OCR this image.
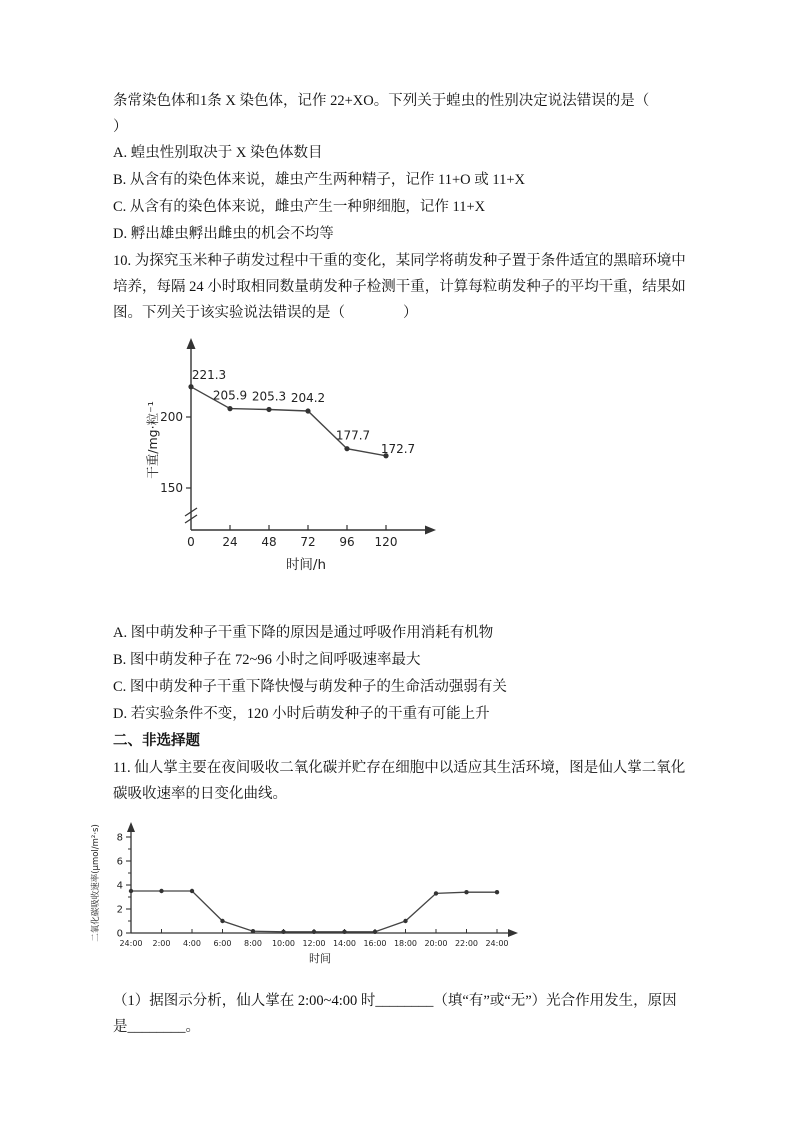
条常染色体和1条 X 染色体，记作 22+XO。下列关于蝗虫的性别决定说法错误的是（

）

A. 蝗虫性别取决于 X 染色体数目

B. 从含有的染色体来说，雄虫产生两种精子，记作 11+O 或 11+X

C. 从含有的染色体来说，雌虫产生一种卵细胞，记作 11+X

D. 孵出雄虫孵出雌虫的机会不均等

10. 为探究玉米种子萌发过程中干重的变化，某同学将萌发种子置于条件适宜的黑暗环境中培养，每隔 24 小时取相同数量萌发种子检测干重，计算每粒萌发种子的平均干重，结果如图。下列关于该实验说法错误的是（　　　　）

150
200
0 24 48 72 96 120
221.3
205.9 205.3 204.2
177.7
172.7
干重/mg·粒⁻¹
时间/h

A. 图中萌发种子干重下降的原因是通过呼吸作用消耗有机物

B. 图中萌发种子在 72~96 小时之间呼吸速率最大

C. 图中萌发种子干重下降快慢与萌发种子的生命活动强弱有关

D. 若实验条件不变，120 小时后萌发种子的干重有可能上升

二、非选择题

11. 仙人掌主要在夜间吸收二氧化碳并贮存在细胞中以适应其生活环境，图是仙人掌二氧化碳吸收速率的日变化曲线。

0
2
4
6
8
24:00 2:00 4:00 6:00 8:00 10:00 12:00 14:00 16:00 18:00 20:00 22:00 24:00
二氧化碳吸收速率(μmol/m²·s)
时间

（1）据图示分析，仙人掌在 2:00~4:00 时________（填“有”或“无”）光合作用发生，原因是________。
